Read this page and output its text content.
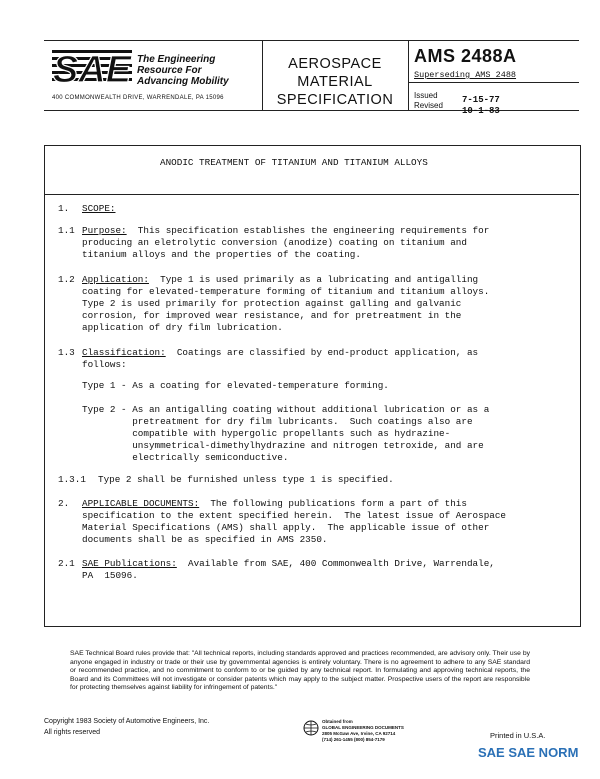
SAE The Engineering
Resource For
Advancing Mobility
400 COMMONWEALTH DRIVE, WARRENDALE, PA 15096
AEROSPACE
MATERIAL
SPECIFICATION
AMS 2488A
Superseding AMS 2488
Issued	7-15-77
Revised
10-1-83
ANODIC TREATMENT OF TITANIUM AND TITANIUM ALLOYS
1. SCOPE:
1.1 Purpose:  This specification establishes the engineering requirements for
producing an eletrolytic conversion (anodize) coating on titanium and
titanium alloys and the properties of the coating.
1.2 Application:  Type 1 is used primarily as a lubricating and antigalling
coating for elevated-temperature forming of titanium and titanium alloys.
Type 2 is used primarily for protection against galling and galvanic
corrosion, for improved wear resistance, and for pretreatment in the
application of dry film lubrication.
1.3 Classification:  Coatings are classified by end-product application, as
follows:
Type 1 - As a coating for elevated-temperature forming.
Type 2 - As an antigalling coating without additional lubrication or as a
pretreatment for dry film lubricants.  Such coatings also are
compatible with hypergolic propellants such as hydrazine-
unsymmetrical-dimethylhydrazine and nitrogen tetroxide, and are
electrically semiconductive.
1.3.1 Type 2 shall be furnished unless type 1 is specified.
2. APPLICABLE DOCUMENTS:  The following publications form a part of this
specification to the extent specified herein.  The latest issue of Aerospace
Material Specifications (AMS) shall apply.  The applicable issue of other
documents shall be as specified in AMS 2350.
2.1 SAE Publications:  Available from SAE, 400 Commonwealth Drive, Warrendale,
PA  15096.
SAE Technical Board rules provide that: "All technical reports, including standards approved and practices recommended, are advisory only. Their use by anyone engaged in industry or trade or their use by governmental agencies is entirely voluntary. There is no agreement to adhere to any SAE standard or recommended practice, and no commitment to conform to or be guided by any technical report. In formulating and approving technical reports, the Board and its Committees will not investigate or consider patents which may apply to the subject matter. Prospective users of the report are responsible for protecting themselves against liability for infringement of patents."
Copyright 1983 Society of Automotive Engineers, Inc.
All rights reserved
Obtained from
GLOBAL ENGINEERING DOCUMENTS
2805 McGaw Ave, Irvine, CA 92714
(714) 261-1455 (800) 854-7179	Printed in U.S.A.
SAE SAE NORM
